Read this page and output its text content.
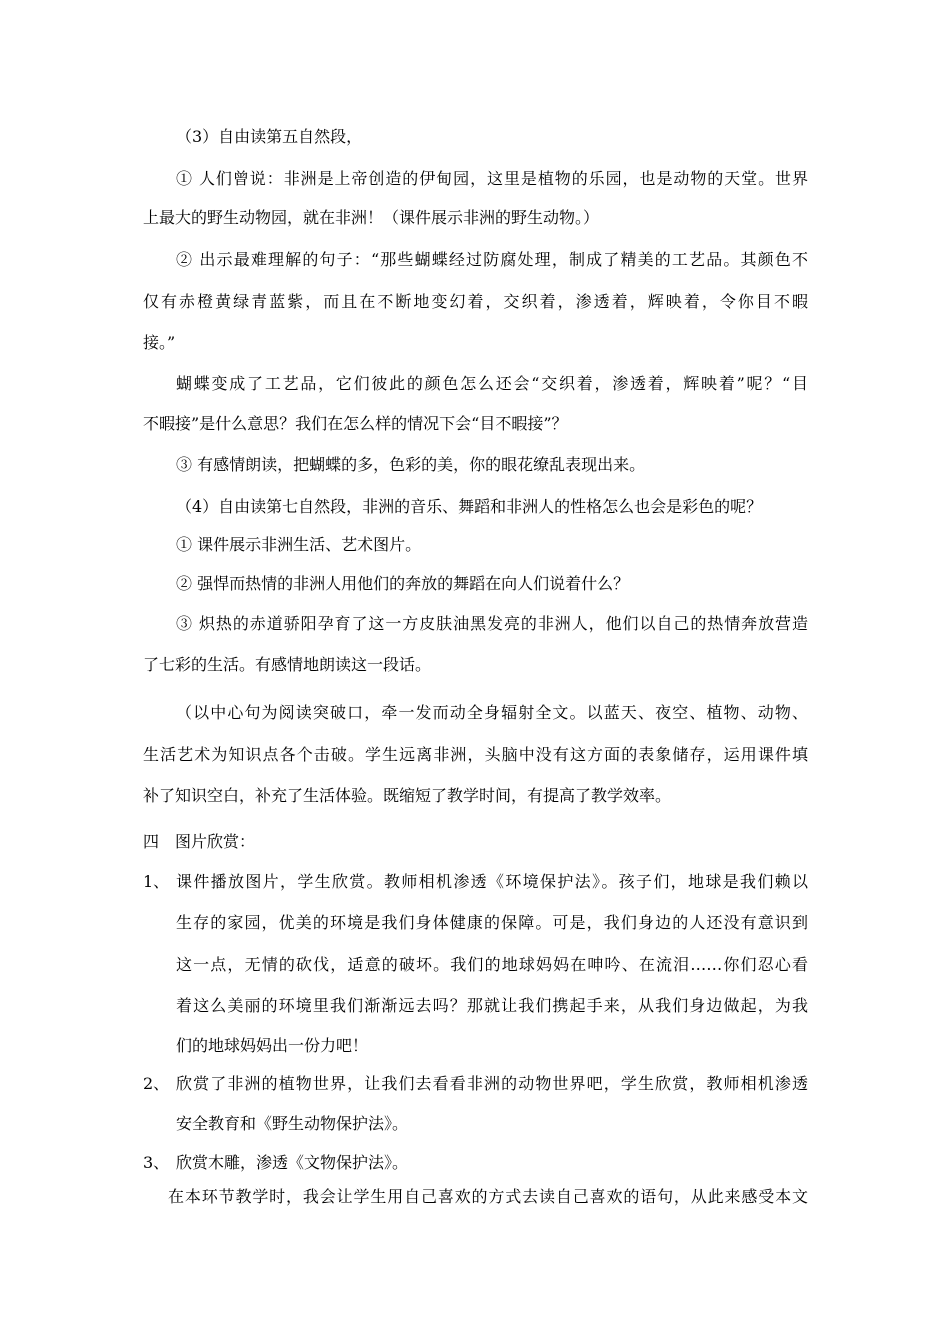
（3）自由读第五自然段，

① 人们曾说：非洲是上帝创造的伊甸园，这里是植物的乐园，也是动物的天堂。世界

上最大的野生动物园，就在非洲！（课件展示非洲的野生动物。）

② 出示最难理解的句子：“那些蝴蝶经过防腐处理，制成了精美的工艺品。其颜色不

仅有赤橙黄绿青蓝紫，而且在不断地变幻着，交织着，渗透着，辉映着，令你目不暇

接。”

蝴蝶变成了工艺品，它们彼此的颜色怎么还会“交织着，渗透着，辉映着”呢？“目

不暇接”是什么意思？我们在怎么样的情况下会“目不暇接”？

③ 有感情朗读，把蝴蝶的多，色彩的美，你的眼花缭乱表现出来。

（4）自由读第七自然段，非洲的音乐、舞蹈和非洲人的性格怎么也会是彩色的呢？

① 课件展示非洲生活、艺术图片。

② 强悍而热情的非洲人用他们的奔放的舞蹈在向人们说着什么？

③ 炽热的赤道骄阳孕育了这一方皮肤油黑发亮的非洲人，他们以自己的热情奔放营造

了七彩的生活。有感情地朗读这一段话。

（以中心句为阅读突破口，牵一发而动全身辐射全文。以蓝天、夜空、植物、动物、

生活艺术为知识点各个击破。学生远离非洲，头脑中没有这方面的表象储存，运用课件填

补了知识空白，补充了生活体验。既缩短了教学时间，有提高了教学效率。

四　图片欣赏：

1、 课件播放图片，学生欣赏。教师相机渗透《环境保护法》。孩子们，地球是我们赖以

生存的家园，优美的环境是我们身体健康的保障。可是，我们身边的人还没有意识到

这一点，无情的砍伐，适意的破坏。我们的地球妈妈在呻吟、在流泪……你们忍心看

着这么美丽的环境里我们渐渐远去吗？那就让我们携起手来，从我们身边做起，为我

们的地球妈妈出一份力吧！

2、 欣赏了非洲的植物世界，让我们去看看非洲的动物世界吧，学生欣赏，教师相机渗透

安全教育和《野生动物保护法》。

3、 欣赏木雕，渗透《文物保护法》。

在本环节教学时，我会让学生用自己喜欢的方式去读自己喜欢的语句，从此来感受本文
